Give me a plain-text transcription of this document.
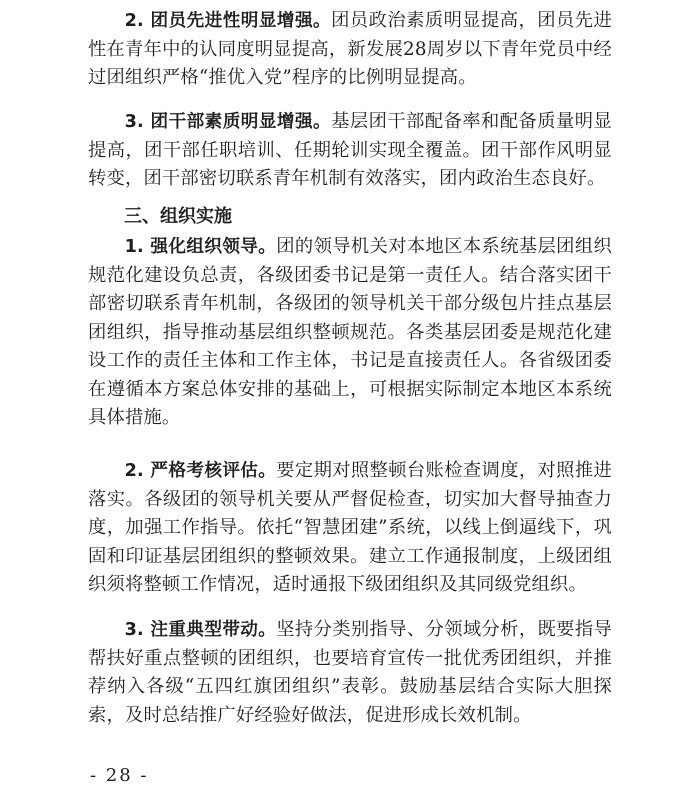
2. 团员先进性明显增强。团员政治素质明显提高，团员先进性在青年中的认同度明显提高，新发展28周岁以下青年党员中经过团组织严格“推优入党”程序的比例明显提高。

3. 团干部素质明显增强。基层团干部配备率和配备质量明显提高，团干部任职培训、任期轮训实现全覆盖。团干部作风明显转变，团干部密切联系青年机制有效落实，团内政治生态良好。

三、组织实施

1. 强化组织领导。团的领导机关对本地区本系统基层团组织规范化建设负总责，各级团委书记是第一责任人。结合落实团干部密切联系青年机制，各级团的领导机关干部分级包片挂点基层团组织，指导推动基层组织整顿规范。各类基层团委是规范化建设工作的责任主体和工作主体，书记是直接责任人。各省级团委在遵循本方案总体安排的基础上，可根据实际制定本地区本系统具体措施。

2. 严格考核评估。要定期对照整顿台账检查调度，对照推进落实。各级团的领导机关要从严督促检查，切实加大督导抽查力度，加强工作指导。依托“智慧团建”系统，以线上倒逼线下，巩固和印证基层团组织的整顿效果。建立工作通报制度，上级团组织须将整顿工作情况，适时通报下级团组织及其同级党组织。

3. 注重典型带动。坚持分类别指导、分领域分析，既要指导帮扶好重点整顿的团组织，也要培育宣传一批优秀团组织，并推荐纳入各级“五四红旗团组织”表彰。鼓励基层结合实际大胆探索，及时总结推广好经验好做法，促进形成长效机制。

- 28 -
